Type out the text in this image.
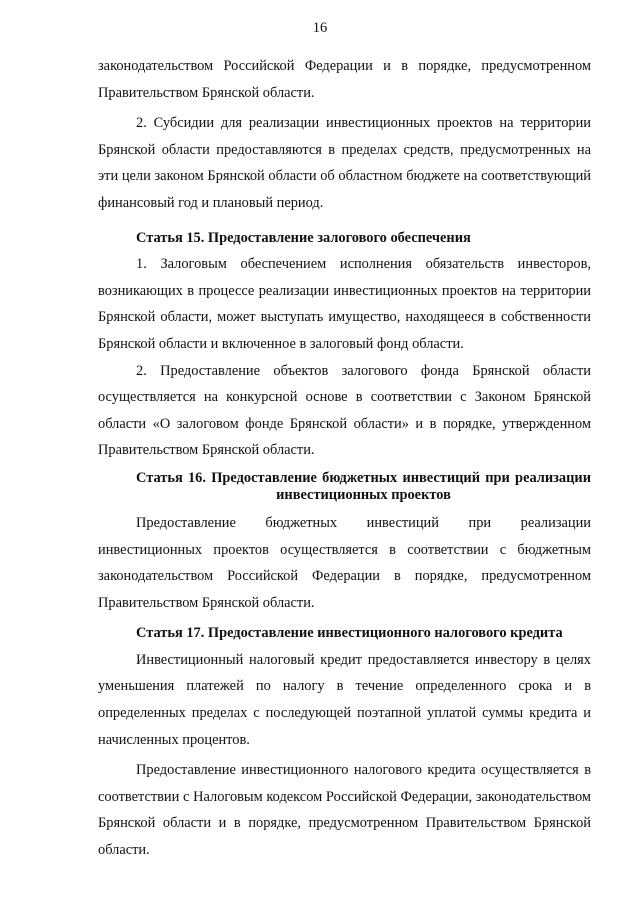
16

законодательством Российской Федерации и в порядке, предусмотренном Правительством Брянской области.

2. Субсидии для реализации инвестиционных проектов на территории Брянской области предоставляются в пределах средств, предусмотренных на эти цели законом Брянской области об областном бюджете на соответствующий финансовый год и плановый период.

Статья 15. Предоставление залогового обеспечения

1. Залоговым обеспечением исполнения обязательств инвесторов, возникающих в процессе реализации инвестиционных проектов на территории Брянской области, может выступать имущество, находящееся в собственности Брянской области и включенное в залоговый фонд области.

2. Предоставление объектов залогового фонда Брянской области осуществляется на конкурсной основе в соответствии с Законом Брянской области «О залоговом фонде Брянской области» и в порядке, утвержденном Правительством Брянской области.

Статья 16. Предоставление бюджетных инвестиций при реализации инвестиционных проектов

Предоставление бюджетных инвестиций при реализации инвестиционных проектов осуществляется в соответствии с бюджетным законодательством Российской Федерации в порядке, предусмотренном Правительством Брянской области.

Статья 17. Предоставление инвестиционного налогового кредита

Инвестиционный налоговый кредит предоставляется инвестору в целях уменьшения платежей по налогу в течение определенного срока и в определенных пределах с последующей поэтапной уплатой суммы кредита и начисленных процентов.

Предоставление инвестиционного налогового кредита осуществляется в соответствии с Налоговым кодексом Российской Федерации, законодательством Брянской области и в порядке, предусмотренном Правительством Брянской области.
